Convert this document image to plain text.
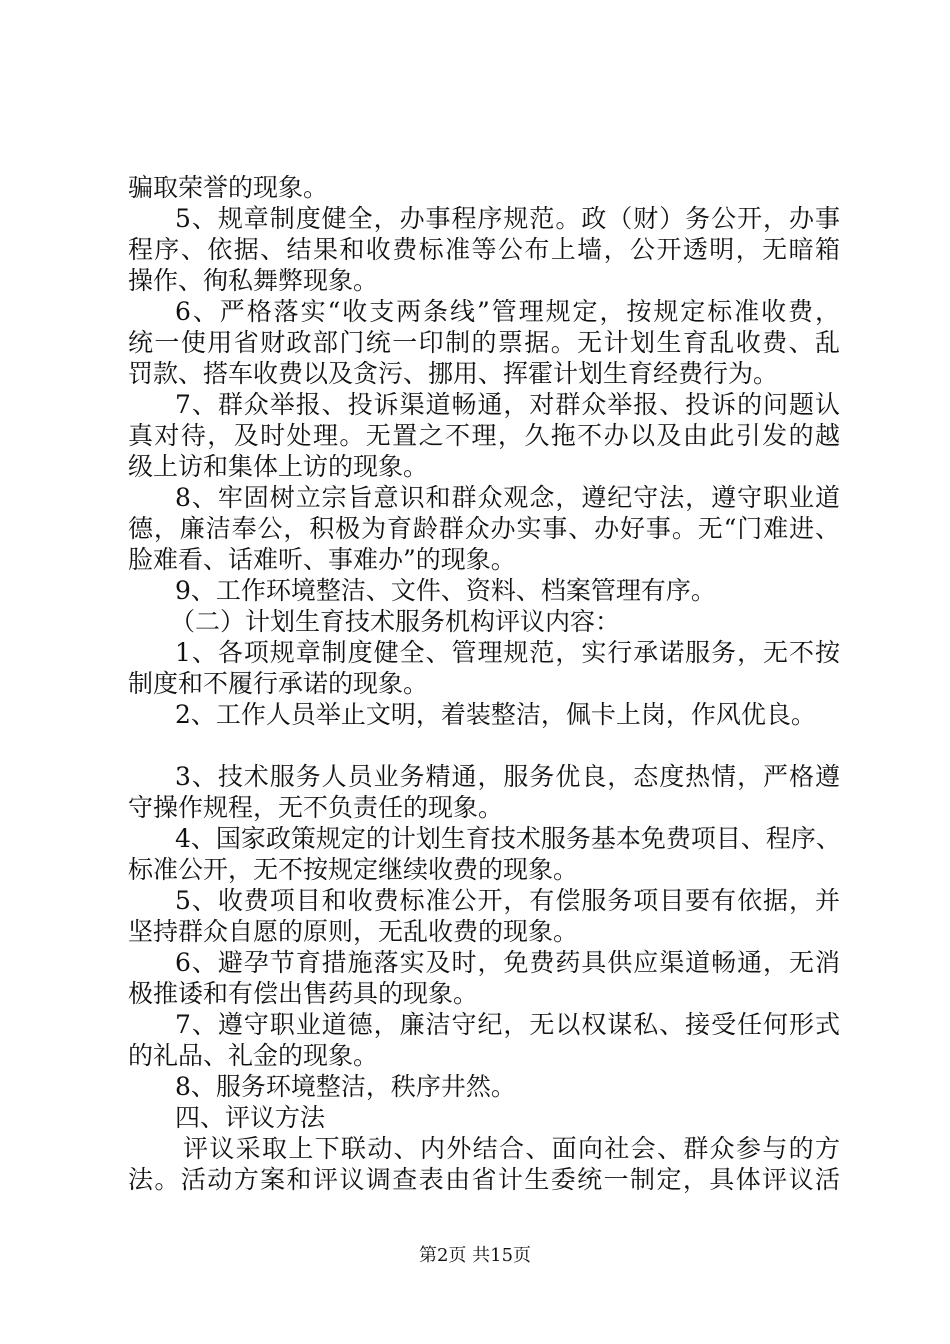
骗取荣誉的现象。
5、规章制度健全，办事程序规范。政（财）务公开，办事
程序、依据、结果和收费标准等公布上墙，公开透明，无暗箱
操作、徇私舞弊现象。
6、严格落实“收支两条线”管理规定，按规定标准收费，
统一使用省财政部门统一印制的票据。无计划生育乱收费、乱
罚款、搭车收费以及贪污、挪用、挥霍计划生育经费行为。
7、群众举报、投诉渠道畅通，对群众举报、投诉的问题认
真对待，及时处理。无置之不理，久拖不办以及由此引发的越
级上访和集体上访的现象。
8、牢固树立宗旨意识和群众观念，遵纪守法，遵守职业道
德，廉洁奉公，积极为育龄群众办实事、办好事。无“门难进、
脸难看、话难听、事难办”的现象。
9、工作环境整洁、文件、资料、档案管理有序。
（二）计划生育技术服务机构评议内容：
1、各项规章制度健全、管理规范，实行承诺服务，无不按
制度和不履行承诺的现象。
2、工作人员举止文明，着装整洁，佩卡上岗，作风优良。
3、技术服务人员业务精通，服务优良，态度热情，严格遵
守操作规程，无不负责任的现象。
4、国家政策规定的计划生育技术服务基本免费项目、程序、
标准公开，无不按规定继续收费的现象。
5、收费项目和收费标准公开，有偿服务项目要有依据，并
坚持群众自愿的原则，无乱收费的现象。
6、避孕节育措施落实及时，免费药具供应渠道畅通，无消
极推诿和有偿出售药具的现象。
7、遵守职业道德，廉洁守纪，无以权谋私、接受任何形式
的礼品、礼金的现象。
8、服务环境整洁，秩序井然。
四、评议方法
评议采取上下联动、内外结合、面向社会、群众参与的方
法。活动方案和评议调查表由省计生委统一制定，具体评议活
第2页 共15页
